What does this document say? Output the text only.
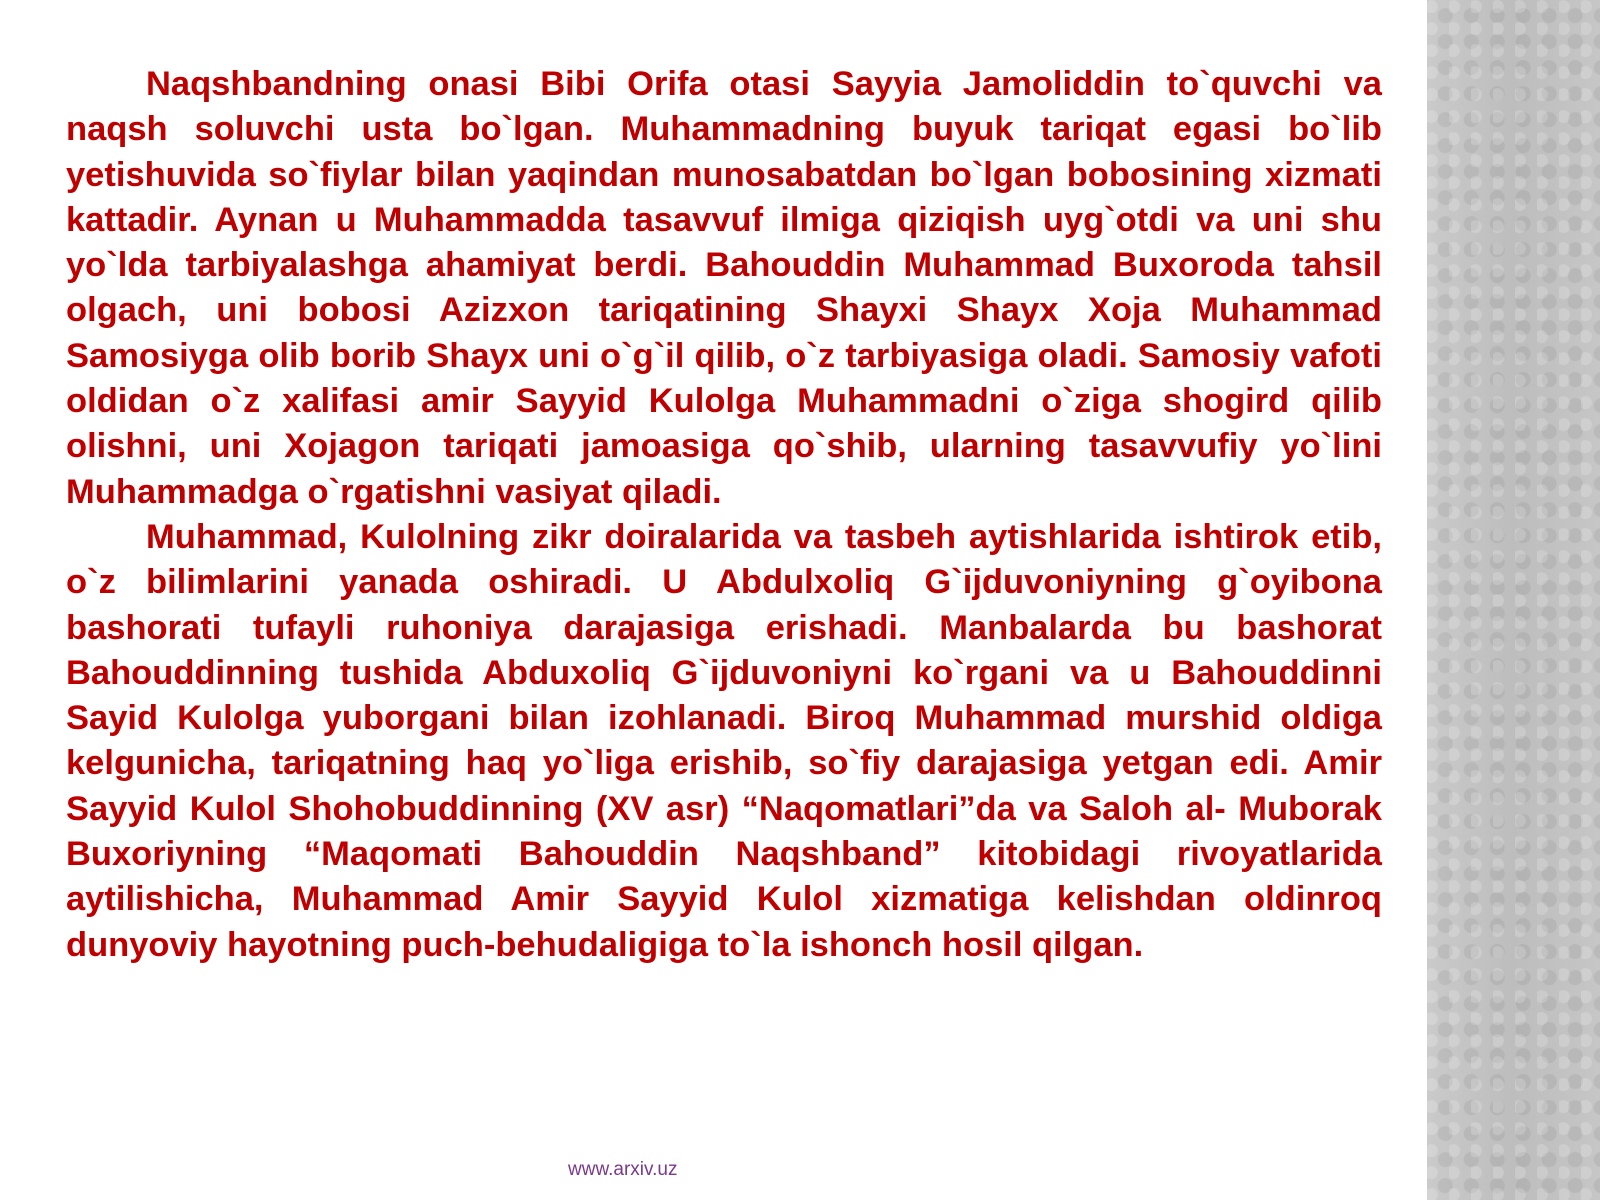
Naqshbandning onasi Bibi Orifa otasi Sayyia Jamoliddin to`quvchi va naqsh soluvchi usta bo`lgan. Muhammadning buyuk tariqat egasi bo`lib yetishuvida so`fiylar bilan yaqindan munosabatdan bo`lgan bobosining xizmati kattadir. Aynan u Muhammadda tasavvuf ilmiga qiziqish uyg`otdi va uni shu yo`lda tarbiyalashga ahamiyat berdi. Bahouddin Muhammad Buxoroda tahsil olgach, uni bobosi Azizxon tariqatining Shayxi Shayx Xoja Muhammad Samosiyga olib borib Shayx uni o`g`il qilib, o`z tarbiyasiga oladi. Samosiy vafoti oldidan o`z xalifasi amir Sayyid Kulolga Muhammadni o`ziga shogird qilib olishni, uni Xojagon tariqati jamoasiga qo`shib, ularning tasavvufiy yo`lini Muhammadga o`rgatishni vasiyat qiladi.

Muhammad, Kulolning zikr doiralarida va tasbeh aytishlarida ishtirok etib, o`z bilimlarini yanada oshiradi. U Abdulxoliq G`ijduvoniyning g`oyibona bashorati tufayli ruhoniya darajasiga erishadi. Manbalarda bu bashorat Bahouddinning tushida Abduxoliq G`ijduvoniyni ko`rgani va u Bahouddinni Sayid Kulolga yuborgani bilan izohlanadi. Biroq Muhammad murshid oldiga kelgunicha, tariqatning haq yo`liga erishib, so`fiy darajasiga yetgan edi. Amir Sayyid Kulol Shohobuddinning (XV asr) “Naqomatlari”da va Saloh al- Muborak Buxoriyning “Maqomati Bahouddin Naqshband” kitobidagi rivoyatlarida aytilishicha, Muhammad Amir Sayyid Kulol xizmatiga kelishdan oldinroq dunyoviy hayotning puch-behudaligiga to`la ishonch hosil qilgan.

www.arxiv.uz
